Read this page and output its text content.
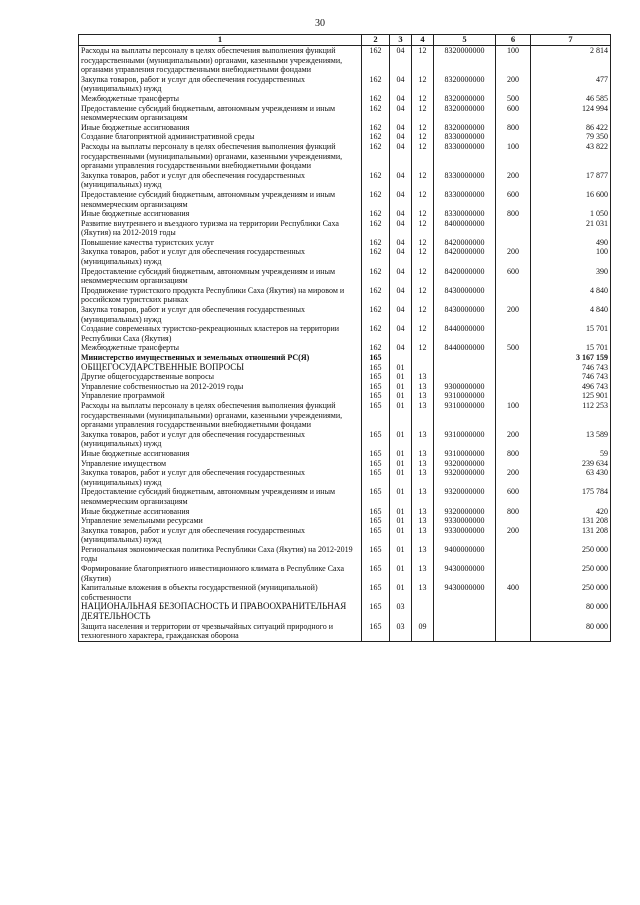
30
1	2	3	4	5	6	7
Расходы на выплаты персоналу в целях обеспечения выполнения функций государственными (муниципальными) органами, казенными учреждениями, органами управления государственными внебюджетными фондами	162	04	12	8320000000	100	2 814
Закупка товаров, работ и услуг для обеспечения государственных (муниципальных) нужд	162	04	12	8320000000	200	477
Межбюджетные трансферты	162	04	12	8320000000	500	46 585
Предоставление субсидий бюджетным, автономным учреждениям и иным некоммерческим организациям	162	04	12	8320000000	600	124 994
Иные бюджетные ассигнования	162	04	12	8320000000	800	86 422
Создание благоприятной административной среды	162	04	12	8330000000		79 350
Расходы на выплаты персоналу в целях обеспечения выполнения функций государственными (муниципальными) органами, казенными учреждениями, органами управления государственными внебюджетными фондами	162	04	12	8330000000	100	43 822
Закупка товаров, работ и услуг для обеспечения государственных (муниципальных) нужд	162	04	12	8330000000	200	17 877
Предоставление субсидий бюджетным, автономным учреждениям и иным некоммерческим организациям	162	04	12	8330000000	600	16 600
Иные бюджетные ассигнования	162	04	12	8330000000	800	1 050
Развитие внутреннего и въездного туризма на территории Республики Саха (Якутия) на 2012-2019 годы	162	04	12	8400000000		21 031
Повышение качества туристских услуг	162	04	12	8420000000		490
Закупка товаров, работ и услуг для обеспечения государственных (муниципальных) нужд	162	04	12	8420000000	200	100
Предоставление субсидий бюджетным, автономным учреждениям и иным некоммерческим организациям	162	04	12	8420000000	600	390
Продвижение туристского продукта Республики Саха (Якутия) на мировом и российском туристских рынках	162	04	12	8430000000		4 840
Закупка товаров, работ и услуг для обеспечения государственных (муниципальных) нужд	162	04	12	8430000000	200	4 840
Создание современных туристско-рекреационных кластеров на территории Республики Саха (Якутия)	162	04	12	8440000000		15 701
Межбюджетные трансферты	162	04	12	8440000000	500	15 701
Министерство имущественных и земельных отношений РС(Я)	165					3 167 159
ОБЩЕГОСУДАРСТВЕННЫЕ ВОПРОСЫ	165	01				746 743
Другие общегосударственные вопросы	165	01	13			746 743
Управление собственностью на 2012-2019 годы	165	01	13	9300000000		496 743
Управление программой	165	01	13	9310000000		125 901
Расходы на выплаты персоналу в целях обеспечения выполнения функций государственными (муниципальными) органами, казенными учреждениями, органами управления государственными внебюджетными фондами	165	01	13	9310000000	100	112 253
Закупка товаров, работ и услуг для обеспечения государственных (муниципальных) нужд	165	01	13	9310000000	200	13 589
Иные бюджетные ассигнования	165	01	13	9310000000	800	59
Управление имуществом	165	01	13	9320000000		239 634
Закупка товаров, работ и услуг для обеспечения государственных (муниципальных) нужд	165	01	13	9320000000	200	63 430
Предоставление субсидий бюджетным, автономным учреждениям и иным некоммерческим организациям	165	01	13	9320000000	600	175 784
Иные бюджетные ассигнования	165	01	13	9320000000	800	420
Управление земельными ресурсами	165	01	13	9330000000		131 208
Закупка товаров, работ и услуг для обеспечения государственных (муниципальных) нужд	165	01	13	9330000000	200	131 208
Региональная экономическая политика Республики Саха (Якутия) на 2012-2019 годы	165	01	13	9400000000		250 000
Формирование благоприятного инвестиционного климата в Республике Саха (Якутия)	165	01	13	9430000000		250 000
Капитальные вложения в объекты государственной (муниципальной) собственности	165	01	13	9430000000	400	250 000
НАЦИОНАЛЬНАЯ БЕЗОПАСНОСТЬ И ПРАВООХРАНИТЕЛЬНАЯ ДЕЯТЕЛЬНОСТЬ	165	03				80 000
Защита населения и территории от чрезвычайных ситуаций природного и техногенного характера, гражданская оборона	165	03	09			80 000
